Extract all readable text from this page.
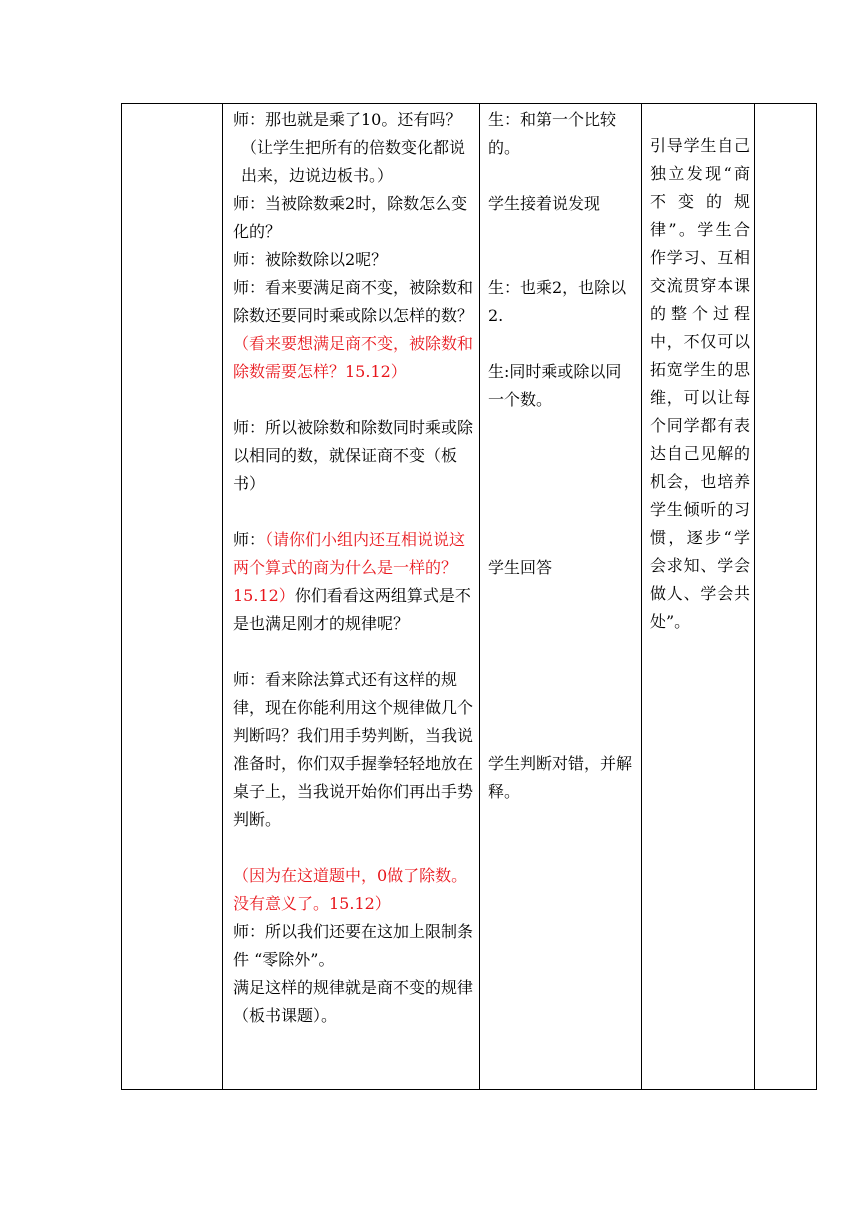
师：那也就是乘了10。还有吗？

（让学生把所有的倍数变化都说出来，边说边板书。）

师：当被除数乘2时，除数怎么变化的？

师：被除数除以2呢？

师：看来要满足商不变，被除数和除数还要同时乘或除以怎样的数？

（看来要想满足商不变，被除数和除数需要怎样？15.12）

师：所以被除数和除数同时乘或除以相同的数，就保证商不变（板书）

师：（请你们小组内还互相说说这两个算式的商为什么是一样的？15.12）你们看看这两组算式是不是也满足刚才的规律呢？

师：看来除法算式还有这样的规律，现在你能利用这个规律做几个判断吗？我们用手势判断，当我说准备时，你们双手握拳轻轻地放在桌子上，当我说开始你们再出手势判断。

（因为在这道题中，0做了除数。没有意义了。15.12）

师：所以我们还要在这加上限制条件 “零除外”。

满足这样的规律就是商不变的规律（板书课题）。

生：和第一个比较的。

学生接着说发现

生：也乘2，也除以2.

生:同时乘或除以同一个数。

学生回答

学生判断对错，并解释。

引导学生自己独立发现“商不变的规律”。学生合作学习、互相交流贯穿本课的整个过程中，不仅可以拓宽学生的思维，可以让每个同学都有表达自己见解的机会，也培养学生倾听的习惯，逐步“学会求知、学会做人、学会共处”。
